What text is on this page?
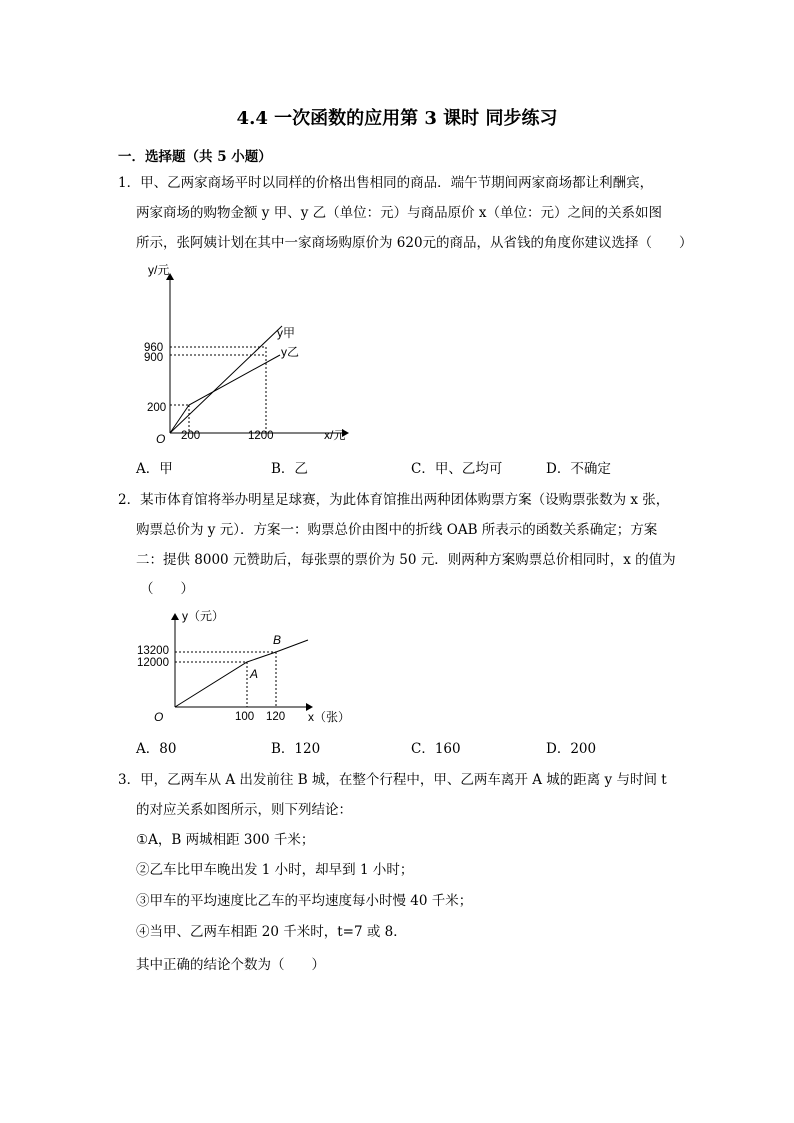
4.4 一次函数的应用第 3 课时 同步练习
一．选择题（共 5 小题）
1．甲、乙两家商场平时以同样的价格出售相同的商品．端午节期间两家商场都让利酬宾，
两家商场的购物金额 y 甲、y 乙（单位：元）与商品原价 x（单位：元）之间的关系如图
所示，张阿姨计划在其中一家商场购原价为 620元的商品，从省钱的角度你建议选择（　　）
y/元
x/元
O
960
900
200
200	1200
y甲
y乙
A．甲	B．乙	C．甲、乙均可	D．不确定
2．某市体育馆将举办明星足球赛，为此体育馆推出两种团体购票方案（设购票张数为 x 张，
购票总价为 y 元）．方案一：购票总价由图中的折线 OAB 所表示的函数关系确定；方案
二：提供 8000 元赞助后，每张票的票价为 50 元．则两种方案购票总价相同时，x 的值为
（　　）
y（元）
x（张）
O
13200
12000
100 120
A
B
A．80	B．120	C．160	D．200
3．甲，乙两车从 A 出发前往 B 城，在整个行程中，甲、乙两车离开 A 城的距离 y 与时间 t
的对应关系如图所示，则下列结论：
①A，B 两城相距 300 千米；
②乙车比甲车晚出发 1 小时，却早到 1 小时；
③甲车的平均速度比乙车的平均速度每小时慢 40 千米；
④当甲、乙两车相距 20 千米时，t=7 或 8．
其中正确的结论个数为（　　）
